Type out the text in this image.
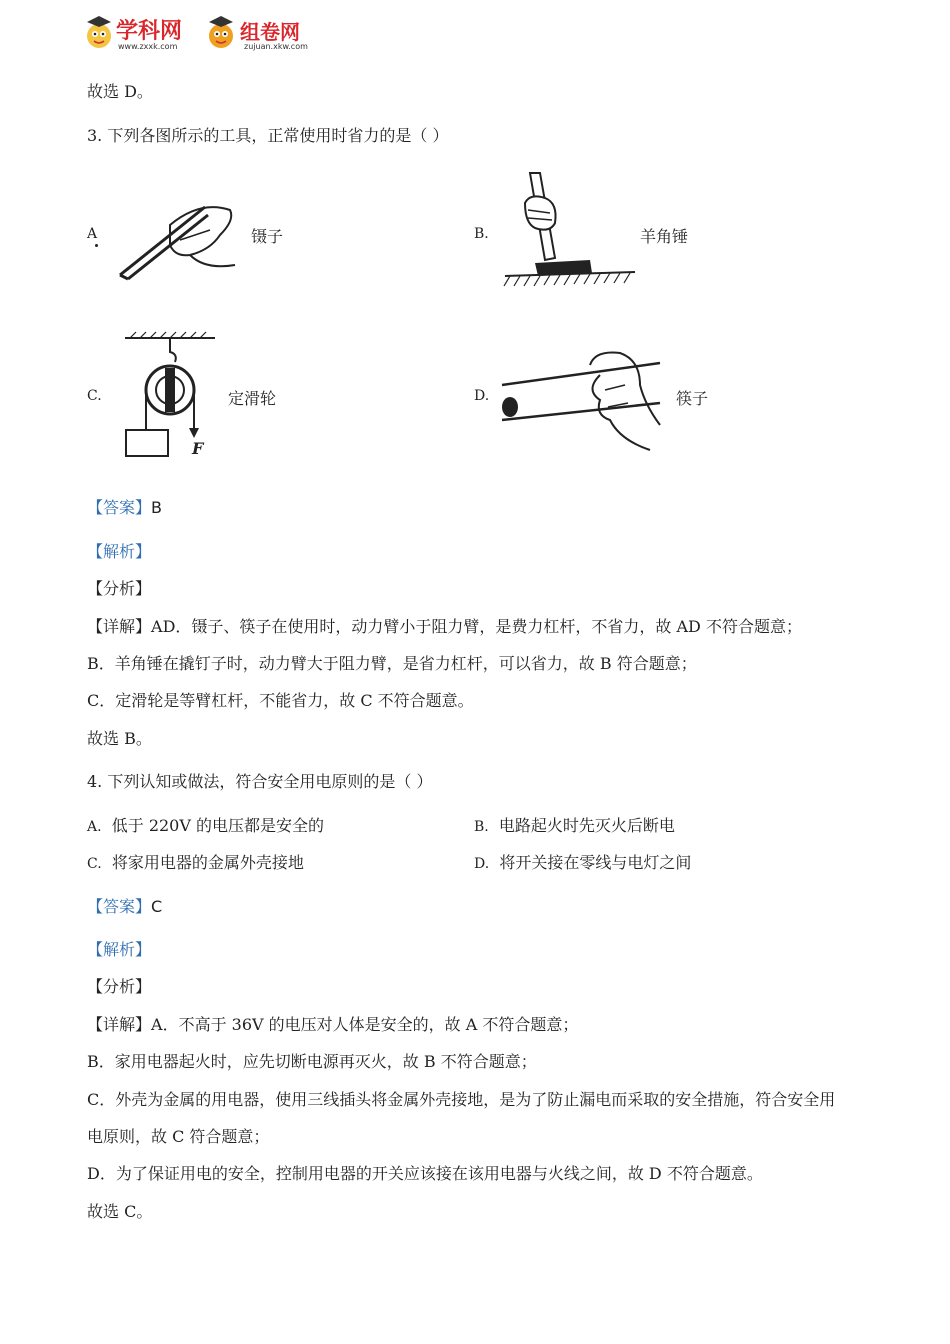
学科网
www.zxxk.com
组卷网
zujuan.xkw.com
故选 D。
3. 下列各图所示的工具，正常使用时省力的是（ ）
A	镊子	B.	羊角锤
C.
F
定滑轮	D.	筷子
【答案】B
【解析】
【分析】
【详解】AD．镊子、筷子在使用时，动力臂小于阻力臂，是费力杠杆，不省力，故 AD 不符合题意；
B．羊角锤在撬钉子时，动力臂大于阻力臂，是省力杠杆，可以省力，故 B 符合题意；
C．定滑轮是等臂杠杆，不能省力，故 C 不符合题意。
故选 B。
4. 下列认知或做法，符合安全用电原则的是（ ）
A. 低于 220V 的电压都是安全的	B. 电路起火时先灭火后断电
C. 将家用电器的金属外壳接地	D. 将开关接在零线与电灯之间
【答案】C
【解析】
【分析】
【详解】A．不高于 36V 的电压对人体是安全的，故 A 不符合题意；
B．家用电器起火时，应先切断电源再灭火，故 B 不符合题意；
C．外壳为金属的用电器，使用三线插头将金属外壳接地，是为了防止漏电而采取的安全措施，符合安全用
电原则，故 C 符合题意；
D．为了保证用电的安全，控制用电器的开关应该接在该用电器与火线之间，故 D 不符合题意。
故选 C。
